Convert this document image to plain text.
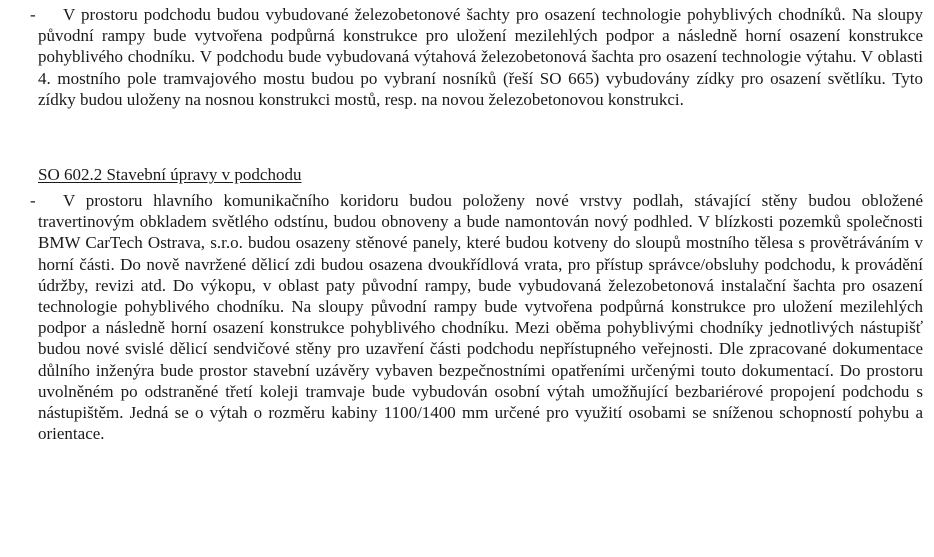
-	V prostoru podchodu budou vybudované železobetonové šachty pro osazení technologie pohyblivých chodníků. Na sloupy původní rampy bude vytvořena podpůrná konstrukce pro uložení mezilehlých podpor a následně horní osazení konstrukce pohyblivého chodníku. V podchodu bude vybudovaná výtahová železobetonová šachta pro osazení technologie výtahu. V oblasti 4. mostního pole tramvajového mostu budou po vybraní nosníků (řeší SO 665) vybudovány zídky pro osazení světlíku. Tyto zídky budou uloženy na nosnou konstrukci mostů, resp. na novou železobetonovou konstrukci.
SO 602.2 Stavební úpravy v podchodu
-	V prostoru hlavního komunikačního koridoru budou položeny nové vrstvy podlah, stávající stěny budou obložené travertinovým obkladem světlého odstínu, budou obnoveny a bude namontován nový podhled. V blízkosti pozemků společnosti BMW CarTech Ostrava, s.r.o. budou osazeny stěnové panely, které budou kotveny do sloupů mostního tělesa s provětráváním v horní části. Do nově navržené dělicí zdi budou osazena dvoukřídlová vrata, pro přístup správce/obsluhy podchodu, k provádění údržby, revizi atd. Do výkopu, v oblast paty původní rampy, bude vybudovaná železobetonová instalační šachta pro osazení technologie pohyblivého chodníku. Na sloupy původní rampy bude vytvořena podpůrná konstrukce pro uložení mezilehlých podpor a následně horní osazení konstrukce pohyblivého chodníku. Mezi oběma pohyblivými chodníky jednotlivých nástupišť budou nové svislé dělicí sendvičové stěny pro uzavření části podchodu nepřístupného veřejnosti. Dle zpracované dokumentace důlního inženýra bude prostor stavební uzávěry vybaven bezpečnostními opatřeními určenými touto dokumentací. Do prostoru uvolněném po odstraněné třetí koleji tramvaje bude vybudován osobní výtah umožňující bezbariérové propojení podchodu s nástupištěm. Jedná se o výtah o rozměru kabiny 1100/1400 mm určené pro využití osobami se sníženou schopností pohybu a orientace.
